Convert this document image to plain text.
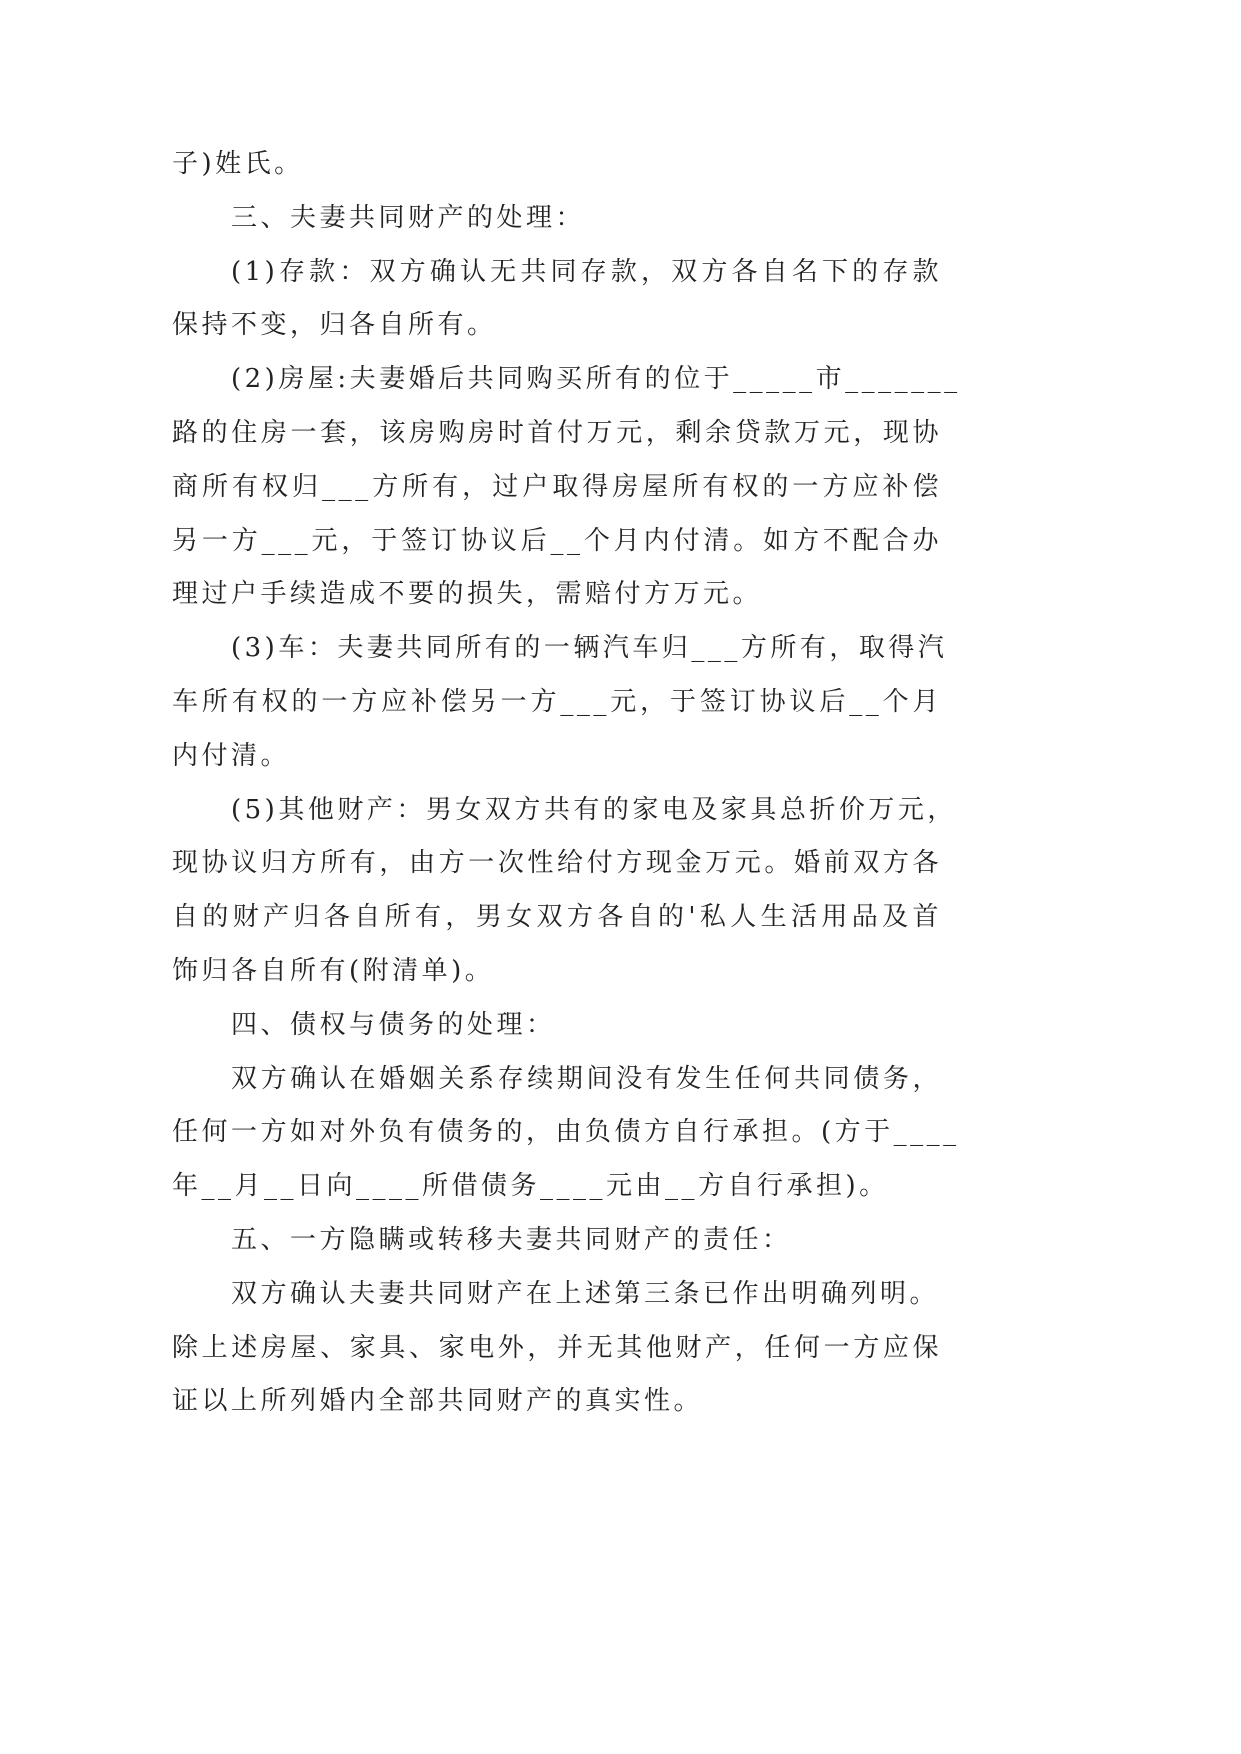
子)姓氏。
三、夫妻共同财产的处理：
(1)存款：双方确认无共同存款，双方各自名下的存款
保持不变，归各自所有。
(2)房屋:夫妻婚后共同购买所有的位于_____市_______
路的住房一套，该房购房时首付万元，剩余贷款万元，现协
商所有权归___方所有，过户取得房屋所有权的一方应补偿
另一方___元，于签订协议后__个月内付清。如方不配合办
理过户手续造成不要的损失，需赔付方万元。
(3)车：夫妻共同所有的一辆汽车归___方所有，取得汽
车所有权的一方应补偿另一方___元，于签订协议后__个月
内付清。
(5)其他财产：男女双方共有的家电及家具总折价万元，
现协议归方所有，由方一次性给付方现金万元。婚前双方各
自的财产归各自所有，男女双方各自的'私人生活用品及首
饰归各自所有(附清单)。
四、债权与债务的处理：
双方确认在婚姻关系存续期间没有发生任何共同债务，
任何一方如对外负有债务的，由负债方自行承担。(方于____
年__月__日向____所借债务____元由__方自行承担)。
五、一方隐瞒或转移夫妻共同财产的责任：
双方确认夫妻共同财产在上述第三条已作出明确列明。
除上述房屋、家具、家电外，并无其他财产，任何一方应保
证以上所列婚内全部共同财产的真实性。
